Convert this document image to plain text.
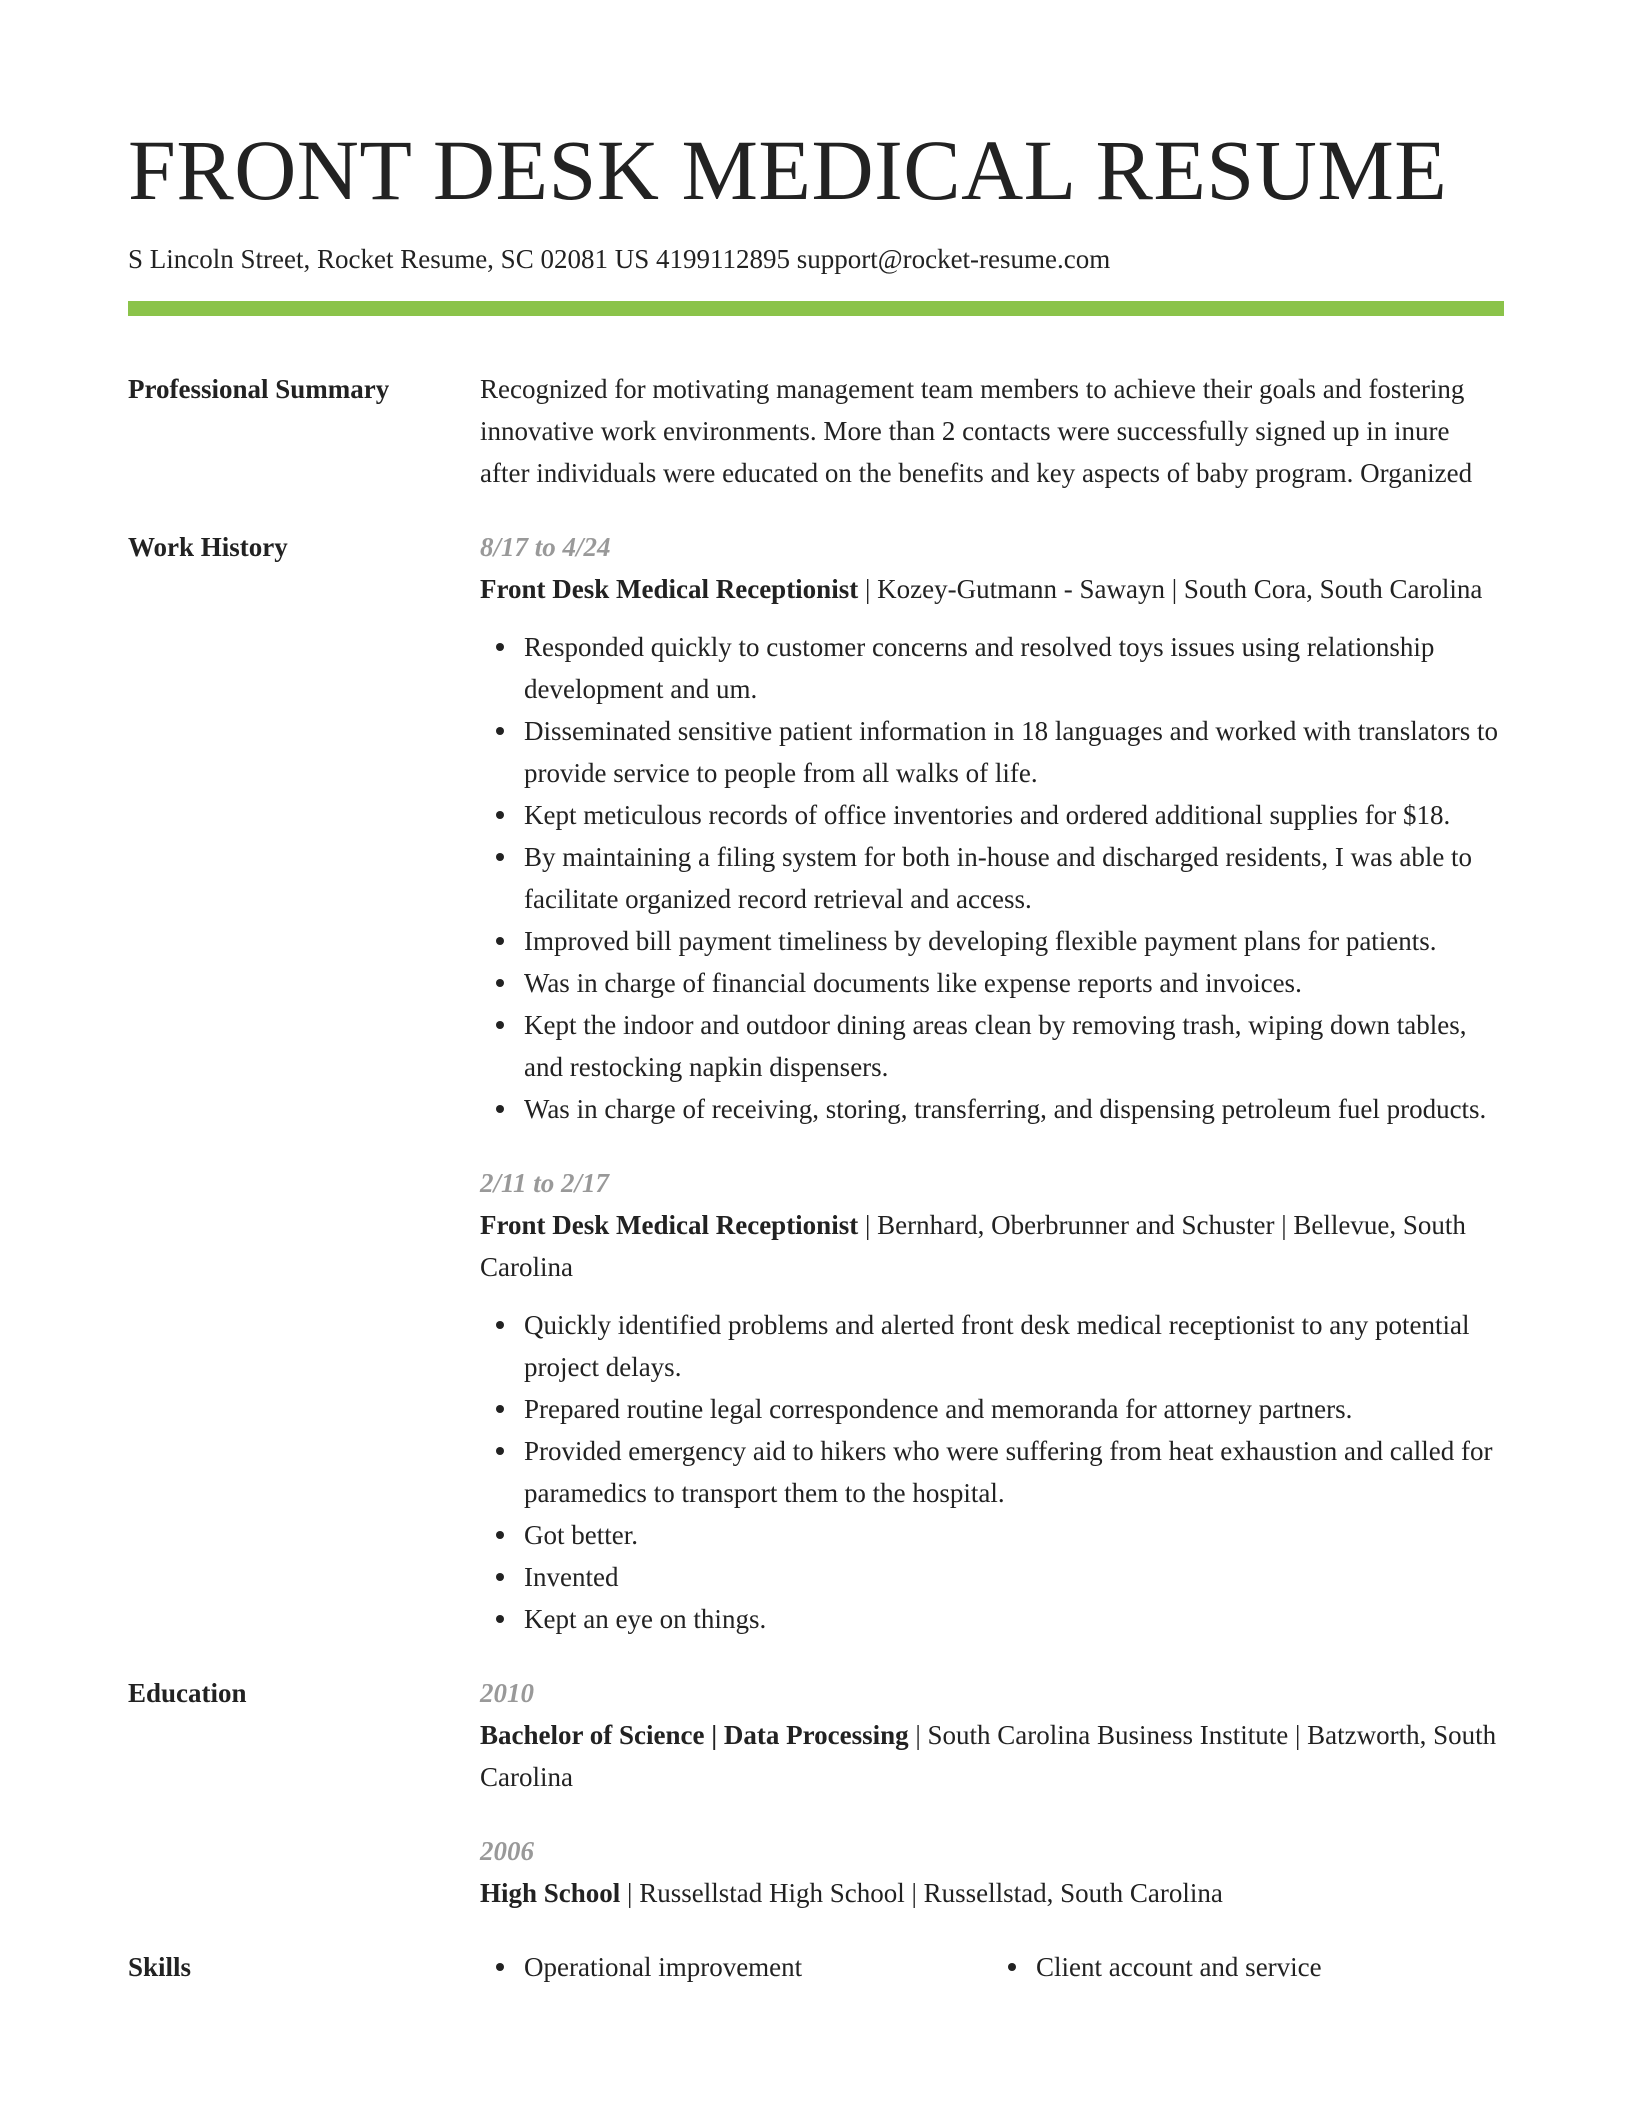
FRONT DESK MEDICAL RESUME
S Lincoln Street, Rocket Resume, SC 02081 US 4199112895 support@rocket-resume.com
Professional Summary	Recognized for motivating management team members to achieve their goals and fostering innovative work environments. More than 2 contacts were successfully signed up in inure after individuals were educated on the benefits and key aspects of baby program. Organized

Work History	8/17 to 4/24
Front Desk Medical Receptionist | Kozey-Gutmann - Sawayn | South Cora, South Carolina
Responded quickly to customer concerns and resolved toys issues using relationship development and um.
Disseminated sensitive patient information in 18 languages and worked with translators to provide service to people from all walks of life.
Kept meticulous records of office inventories and ordered additional supplies for $18.
By maintaining a filing system for both in-house and discharged residents, I was able to facilitate organized record retrieval and access.
Improved bill payment timeliness by developing flexible payment plans for patients.
Was in charge of financial documents like expense reports and invoices.
Kept the indoor and outdoor dining areas clean by removing trash, wiping down tables, and restocking napkin dispensers.
Was in charge of receiving, storing, transferring, and dispensing petroleum fuel products.
2/11 to 2/17
Front Desk Medical Receptionist | Bernhard, Oberbrunner and Schuster | Bellevue, South Carolina
Quickly identified problems and alerted front desk medical receptionist to any potential project delays.
Prepared routine legal correspondence and memoranda for attorney partners.
Provided emergency aid to hikers who were suffering from heat exhaustion and called for paramedics to transport them to the hospital.
Got better.
Invented
Kept an eye on things.
Education	2010
Bachelor of Science | Data Processing | South Carolina Business Institute | Batzworth, South Carolina
2006
High School | Russellstad High School | Russellstad, South Carolina
Skills	Operational improvement	Client account and service
